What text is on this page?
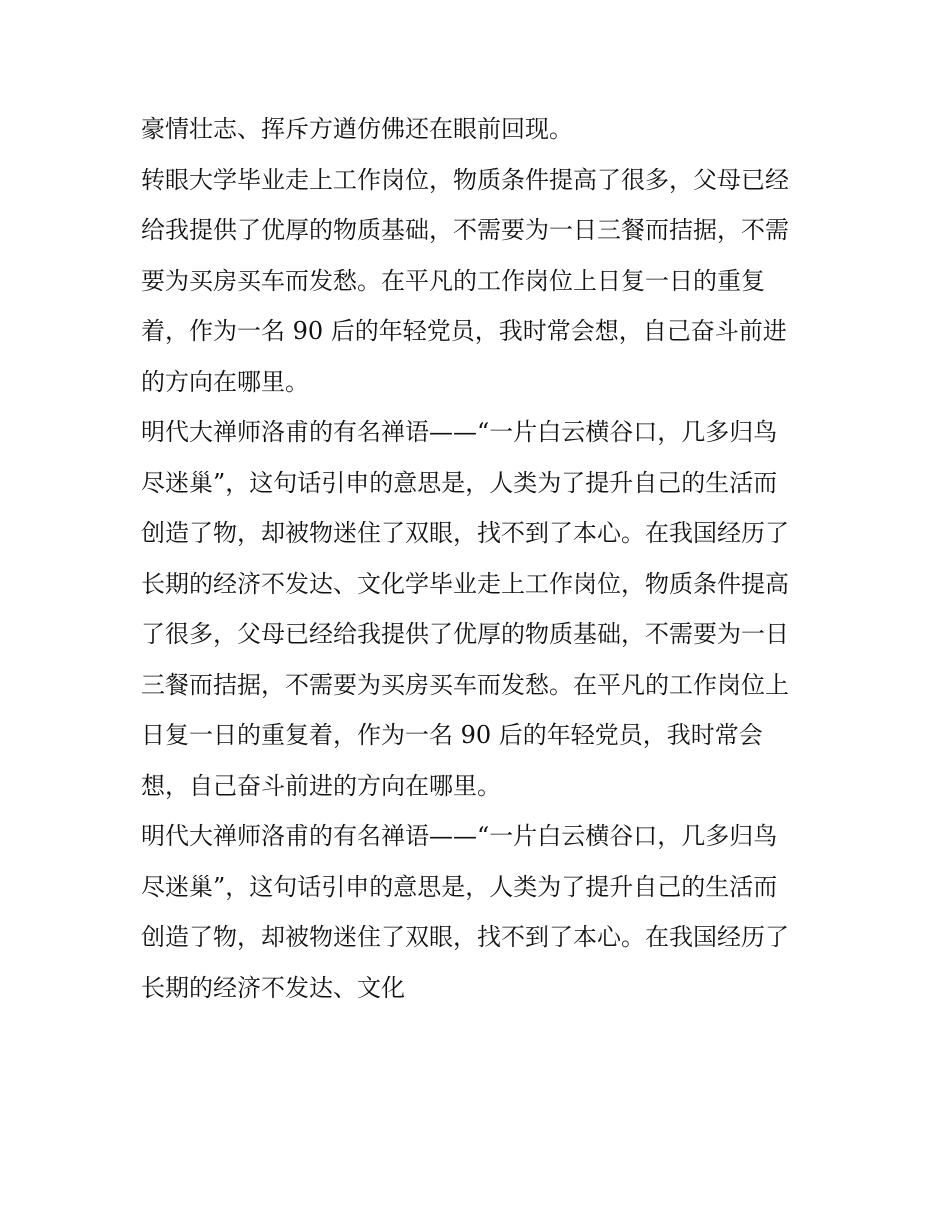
豪情壮志、挥斥方遒仿佛还在眼前回现。
转眼大学毕业走上工作岗位，物质条件提高了很多，父母已经
给我提供了优厚的物质基础，不需要为一日三餐而拮据，不需
要为买房买车而发愁。在平凡的工作岗位上日复一日的重复
着，作为一名 90 后的年轻党员，我时常会想，自己奋斗前进
的方向在哪里。
明代大禅师洛甫的有名禅语——“一片白云横谷口，几多归鸟
尽迷巢”，这句话引申的意思是，人类为了提升自己的生活而
创造了物，却被物迷住了双眼，找不到了本心。在我国经历了
长期的经济不发达、文化学毕业走上工作岗位，物质条件提高
了很多，父母已经给我提供了优厚的物质基础，不需要为一日
三餐而拮据，不需要为买房买车而发愁。在平凡的工作岗位上
日复一日的重复着，作为一名 90 后的年轻党员，我时常会
想，自己奋斗前进的方向在哪里。
明代大禅师洛甫的有名禅语——“一片白云横谷口，几多归鸟
尽迷巢”，这句话引申的意思是，人类为了提升自己的生活而
创造了物，却被物迷住了双眼，找不到了本心。在我国经历了
长期的经济不发达、文化
